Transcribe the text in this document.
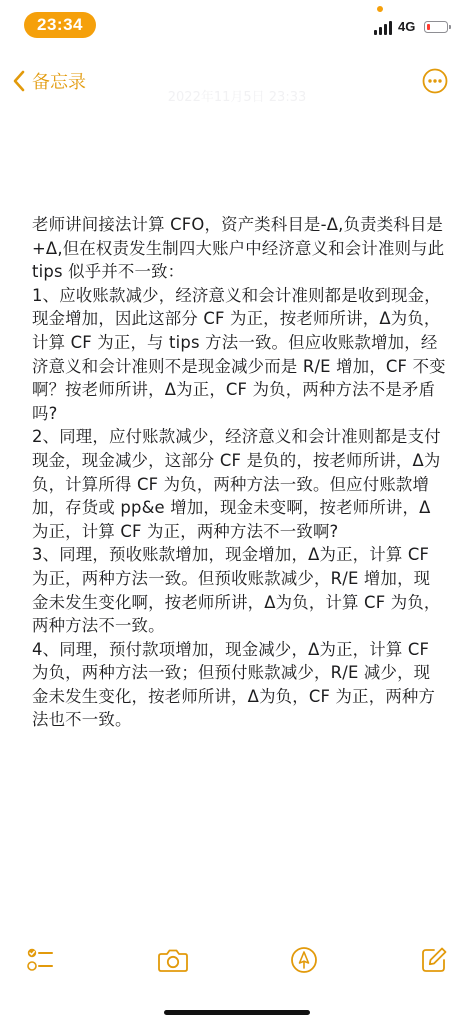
23:34	4G
备忘录
2022年11月5日 23:33

老师讲间接法计算 CFO，资产类科目是-Δ,负责类科目是 +Δ,但在权责发生制四大账户中经济意义和会计准则与此 tips 似乎并不一致：

1、应收账款减少，经济意义和会计准则都是收到现金，现金增加，因此这部分 CF 为正，按老师所讲，Δ为负，计算 CF 为正，与 tips 方法一致。但应收账款增加，经济意义和会计准则不是现金减少而是 R/E 增加，CF 不变啊？按老师所讲，Δ为正，CF 为负，两种方法不是矛盾吗?

2、同理，应付账款减少，经济意义和会计准则都是支付现金，现金减少，这部分 CF 是负的，按老师所讲，Δ为负，计算所得 CF 为负，两种方法一致。但应付账款增加，存货或 pp&e 增加，现金未变啊，按老师所讲，Δ为正，计算 CF 为正，两种方法不一致啊?

3、同理，预收账款增加，现金增加，Δ为正，计算 CF 为正，两种方法一致。但预收账款减少，R/E 增加，现金未发生变化啊，按老师所讲，Δ为负，计算 CF 为负，两种方法不一致。

4、同理，预付款项增加，现金减少，Δ为正，计算 CF 为负，两种方法一致；但预付账款减少，R/E 减少，现金未发生变化，按老师所讲，Δ为负，CF 为正，两种方法也不一致。
